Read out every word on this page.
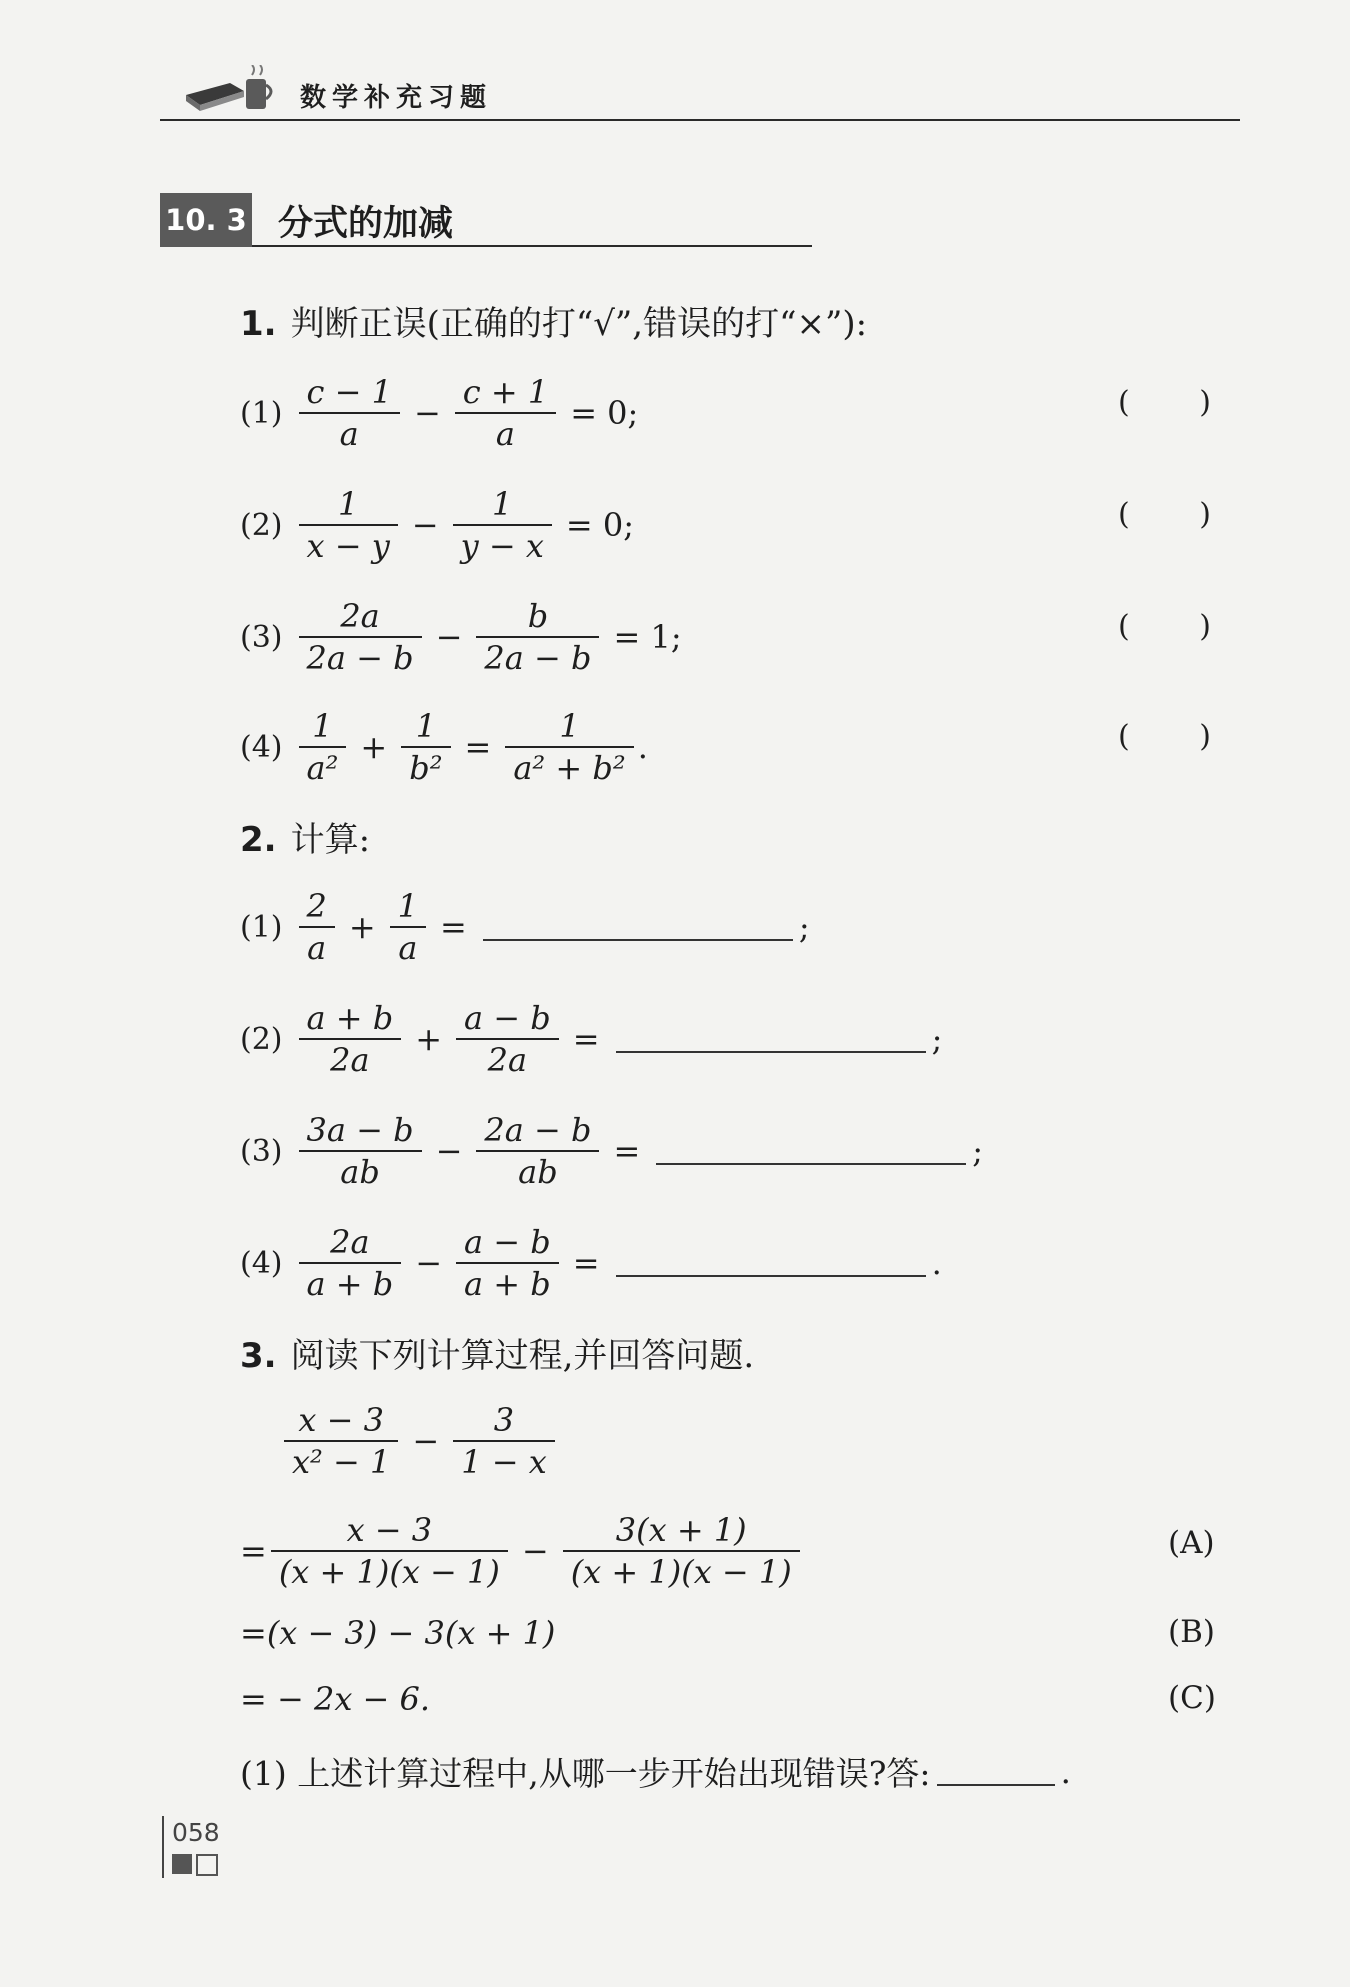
数学补充习题
10. 3 分式的加减
1. 判断正误(正确的打“√”,错误的打“×”):
$(1) \frac{c - 1}{a} - \frac{c + 1}{a} = 0$;	( )
$(2) \frac{1}{x - y} - \frac{1}{y - x} = 0$;	( )
$(3) \frac{2a}{2a - b} - \frac{b}{2a - b} = 1$;	( )
$(4) \frac{1}{\text{a²}} + \frac{1}{\text{b²}} = \frac{1}{\text{a² + b²}}$ .	( )
2. 计算:
$(1) \frac{2}{a} + \frac{1}{a}$ =	;
$(2) \frac{a + b}{2a} + \frac{a - b}{2a}$ =	;
$(3) \frac{3a - b}{ab} - \frac{2a - b}{ab}$ =	;
$(4) \frac{2a}{a + b} - \frac{a - b}{a + b}$ =	.
3. 阅读下列计算过程,并回答问题.
$\frac{x - 3}{\text{x² − 1}} - \frac{3}{1 - x}$
= $\frac{x - 3}{(x + 1)(x - 1)} - \frac{3(x + 1)}{(x + 1)(x - 1)}$	(A)
=(x − 3) − 3(x + 1)	(B)
= − 2x − 6.	(C)
(1) 上述计算过程中,从哪一步开始出现错误?答:	.
058
